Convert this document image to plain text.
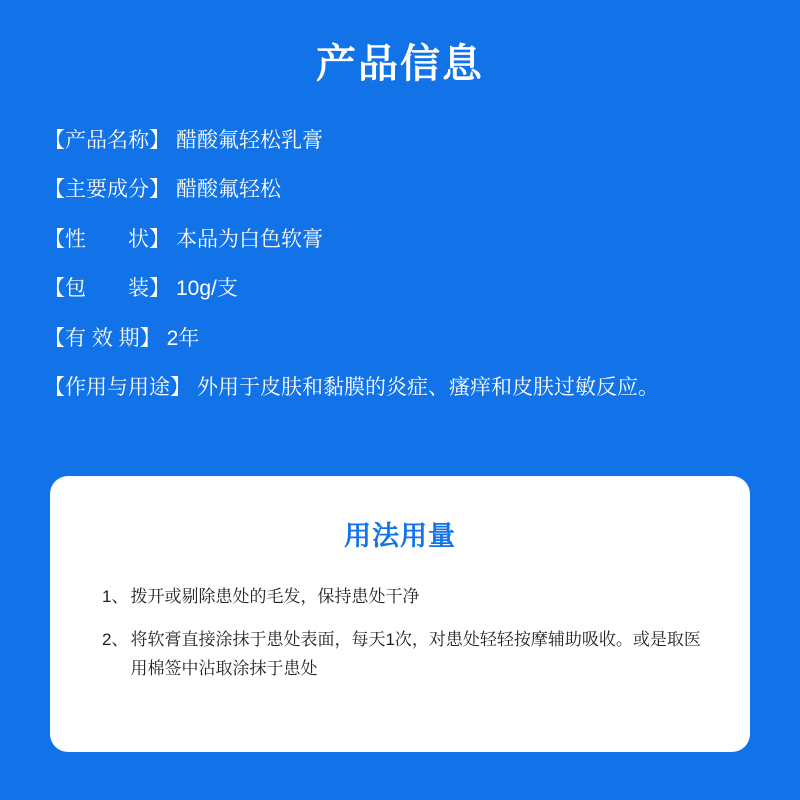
产品信息
【产品名称】 醋酸氟轻松乳膏
【主要成分】 醋酸氟轻松
【性　　状】 本品为白色软膏
【包　　装】 10g/支
【有 效 期】 2年
【作用与用途】 外用于皮肤和黏膜的炎症、瘙痒和皮肤过敏反应。
用法用量
1、 拨开或剔除患处的毛发，保持患处干净
2、 将软膏直接涂抹于患处表面，每天1次，对患处轻轻按摩辅助吸收。或是取医用棉签中沾取涂抹于患处
